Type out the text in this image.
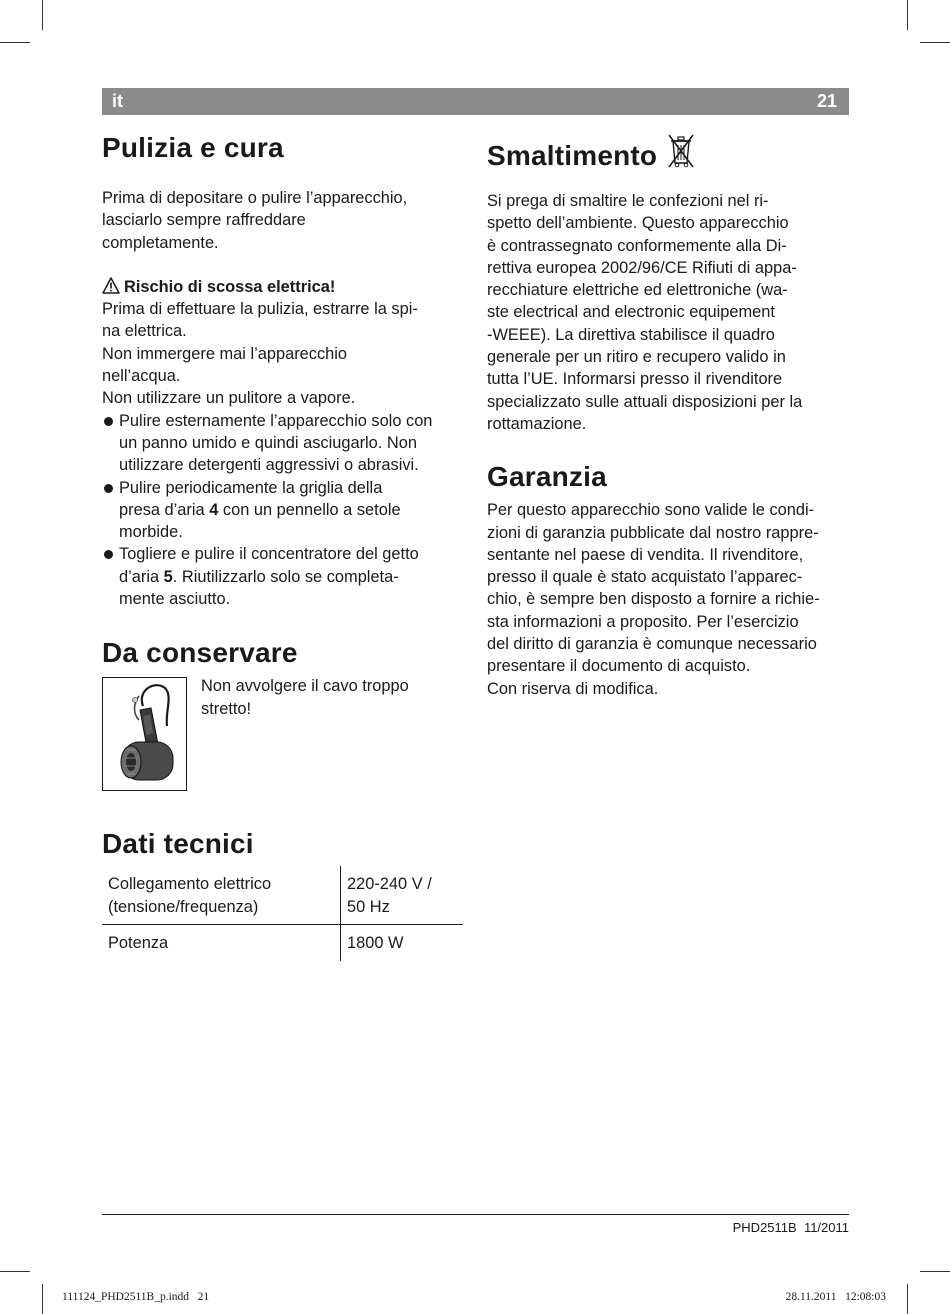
it	21
Pulizia e cura

Prima di depositare o pulire l’apparecchio,
lasciarlo sempre raffreddare
completamente.

Rischio di scossa elettrica!

Prima di effettuare la pulizia, estrarre la spi-
na elettrica.
Non immergere mai l’apparecchio
nell’acqua.
Non utilizzare un pulitore a vapore.

Pulire esternamente l’apparecchio solo con
un panno umido e quindi asciugarlo. Non
utilizzare detergenti aggressivi o abrasivi.
Pulire periodicamente la griglia della
presa d’aria 4 con un pennello a setole
morbide.
Togliere e pulire il concentratore del getto
d’aria 5. Riutilizzarlo solo se completa-
mente asciutto.
Da conservare

Non avvolgere il cavo troppo
stretto!

Dati tecnici
Collegamento elettrico
(tensione/frequenza)	220-240 V /
50 Hz
Potenza	1800 W
Smaltimento

Si prega di smaltire le confezioni nel ri-
spetto dell’ambiente. Questo apparecchio
è contrassegnato conformemente alla Di-
rettiva europea 2002/96/CE Rifiuti di appa-
recchiature elettriche ed elettroniche (wa-
ste electrical and electronic equipement
-WEEE). La direttiva stabilisce il quadro
generale per un ritiro e recupero valido in
tutta l’UE. Informarsi presso il rivenditore
specializzato sulle attuali disposizioni per la
rottamazione.

Garanzia

Per questo apparecchio sono valide le condi-
zioni di garanzia pubblicate dal nostro rappre-
sentante nel paese di vendita. Il rivenditore,
presso il quale è stato acquistato l’apparec-
chio, è sempre ben disposto a fornire a richie-
sta informazioni a proposito. Per l’esercizio
del diritto di garanzia è comunque necessario
presentare il documento di acquisto.
Con riserva di modifica.

PHD2511B 11/2011
111124_PHD2511B_p.indd   21	28.11.2011   12:08:03
